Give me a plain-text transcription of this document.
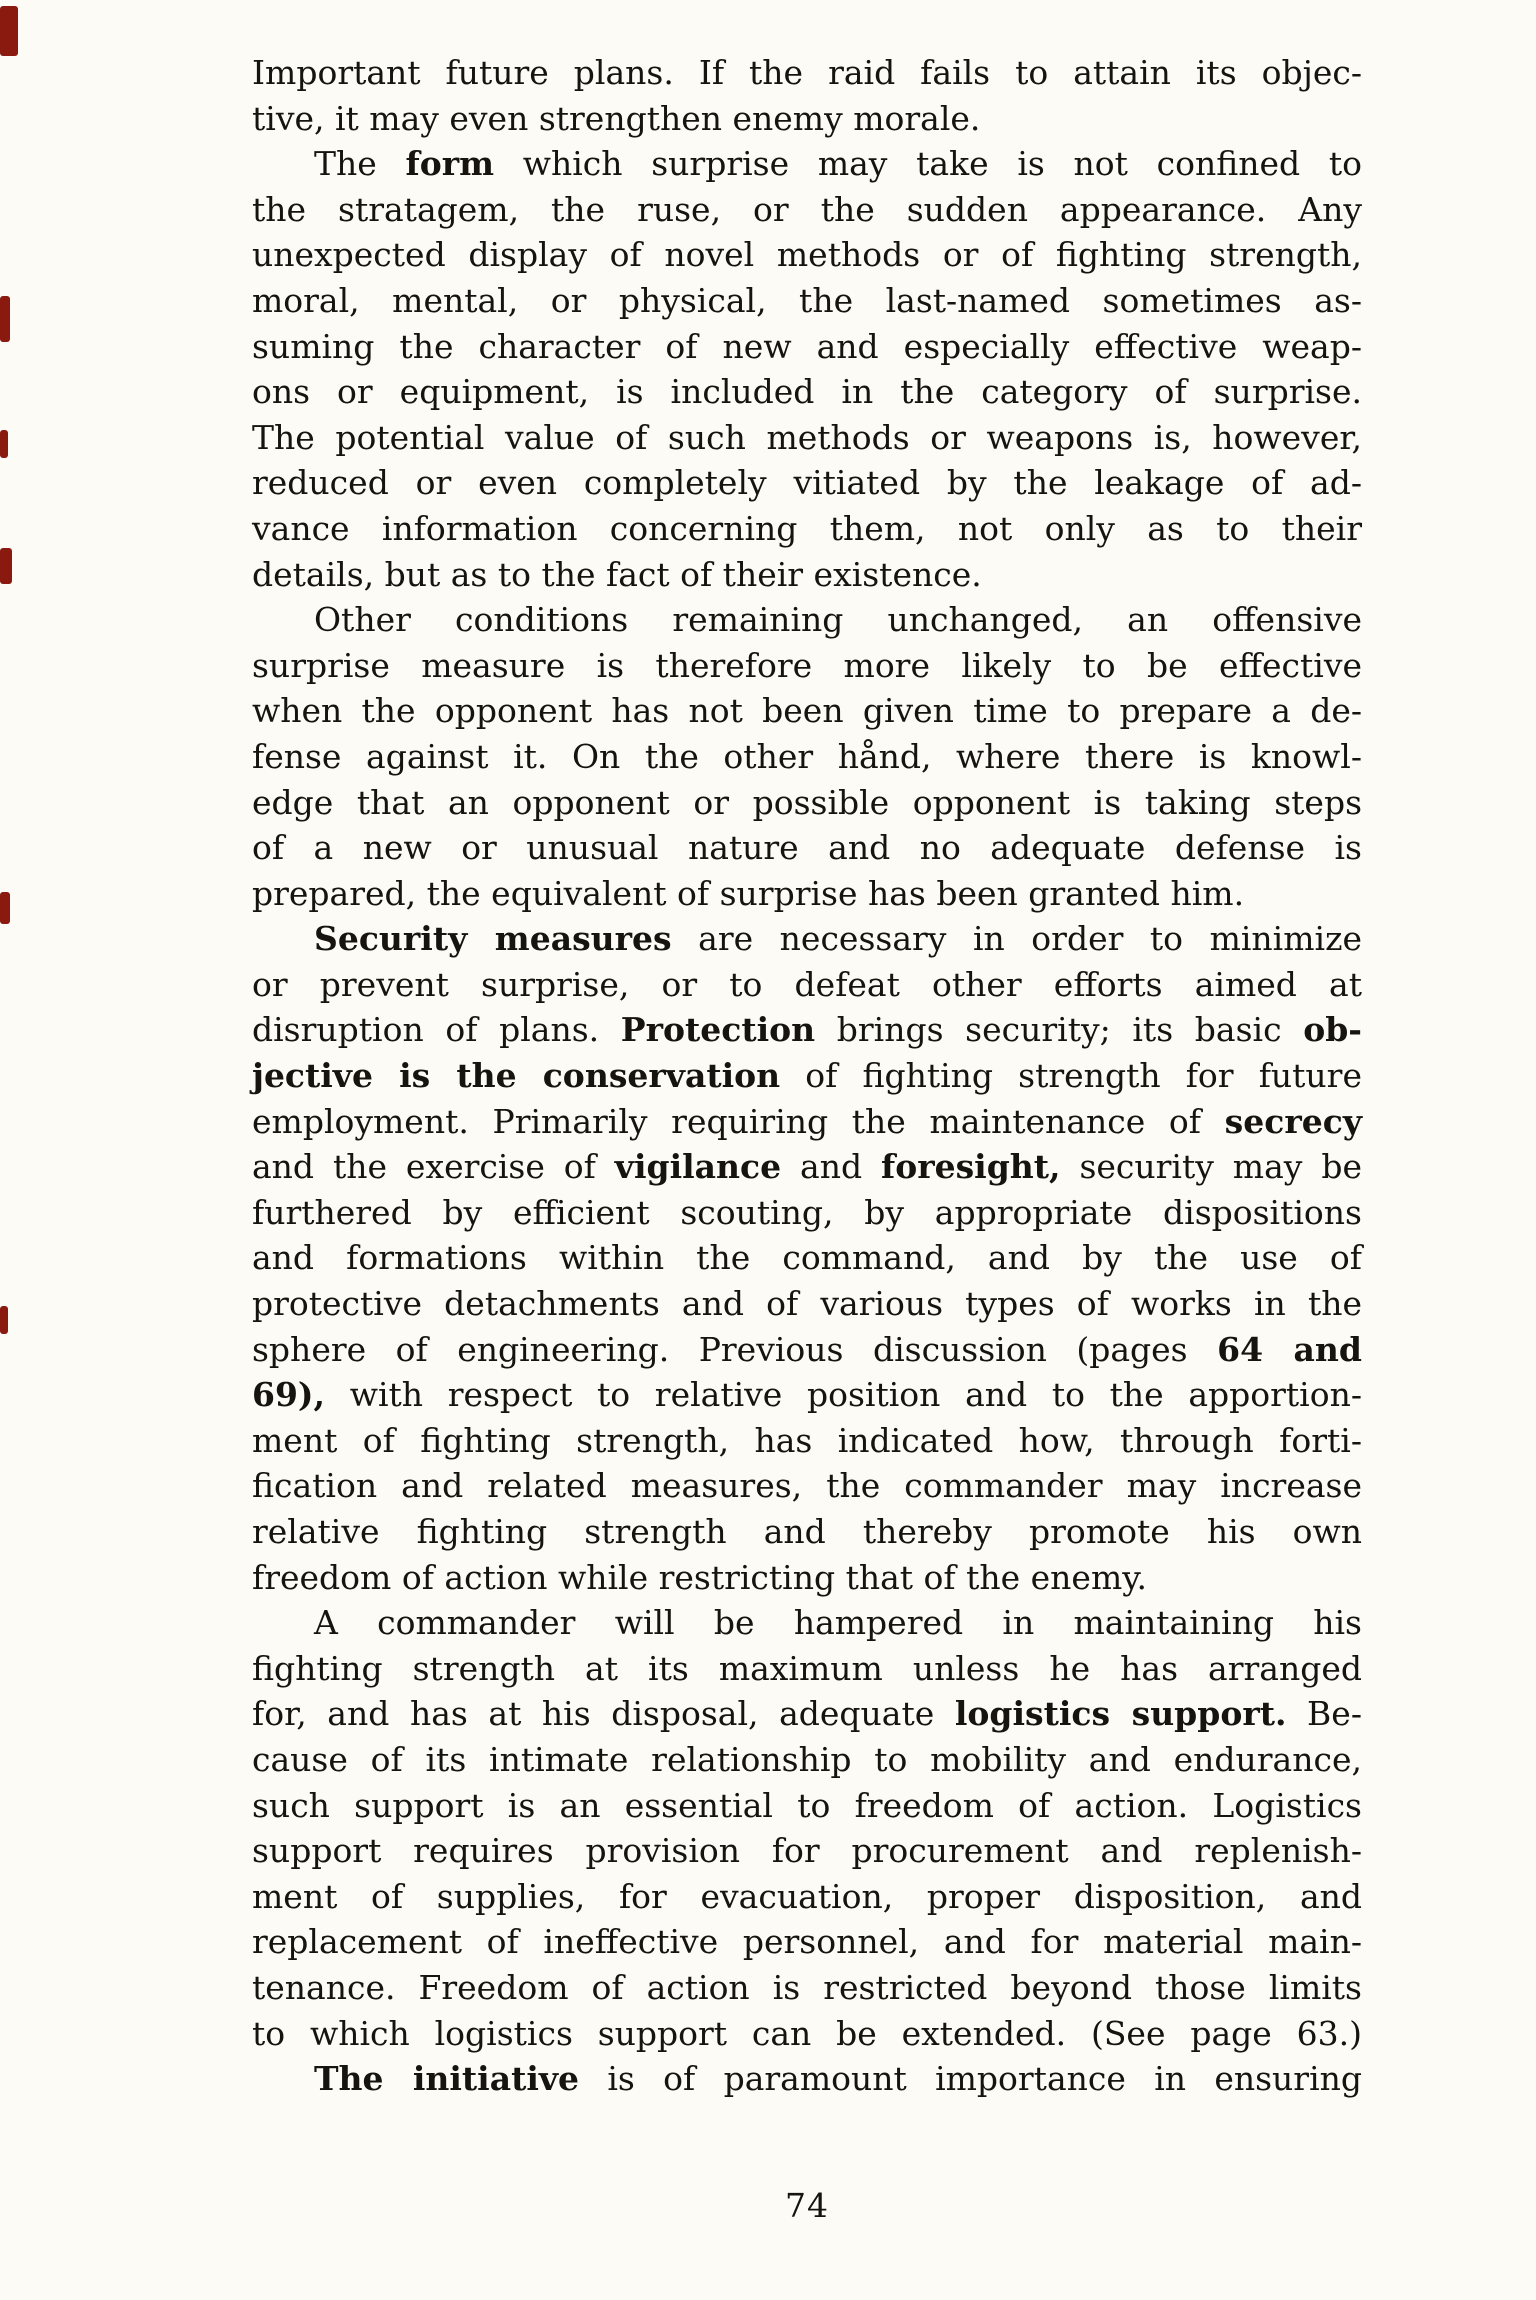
Important future plans. If the raid fails to attain its objec-
tive, it may even strengthen enemy morale.
The form which surprise may take is not confined to
the stratagem, the ruse, or the sudden appearance. Any
unexpected display of novel methods or of fighting strength,
moral, mental, or physical, the last-named sometimes as-
suming the character of new and especially effective weap-
ons or equipment, is included in the category of surprise.
The potential value of such methods or weapons is, however,
reduced or even completely vitiated by the leakage of ad-
vance information concerning them, not only as to their
details, but as to the fact of their existence.
Other conditions remaining unchanged, an offensive
surprise measure is therefore more likely to be effective
when the opponent has not been given time to prepare a de-
fense against it. On the other hånd, where there is knowl-
edge that an opponent or possible opponent is taking steps
of a new or unusual nature and no adequate defense is
prepared, the equivalent of surprise has been granted him.
Security measures are necessary in order to minimize
or prevent surprise, or to defeat other efforts aimed at
disruption of plans. Protection brings security; its basic ob-
jective is the conservation of fighting strength for future
employment. Primarily requiring the maintenance of secrecy
and the exercise of vigilance and foresight, security may be
furthered by efficient scouting, by appropriate dispositions
and formations within the command, and by the use of
protective detachments and of various types of works in the
sphere of engineering. Previous discussion (pages 64 and
69), with respect to relative position and to the apportion-
ment of fighting strength, has indicated how, through forti-
fication and related measures, the commander may increase
relative fighting strength and thereby promote his own
freedom of action while restricting that of the enemy.
A commander will be hampered in maintaining his
fighting strength at its maximum unless he has arranged
for, and has at his disposal, adequate logistics support. Be-
cause of its intimate relationship to mobility and endurance,
such support is an essential to freedom of action. Logistics
support requires provision for procurement and replenish-
ment of supplies, for evacuation, proper disposition, and
replacement of ineffective personnel, and for material main-
tenance. Freedom of action is restricted beyond those limits
to which logistics support can be extended. (See page 63.)
The initiative is of paramount importance in ensuring
74
